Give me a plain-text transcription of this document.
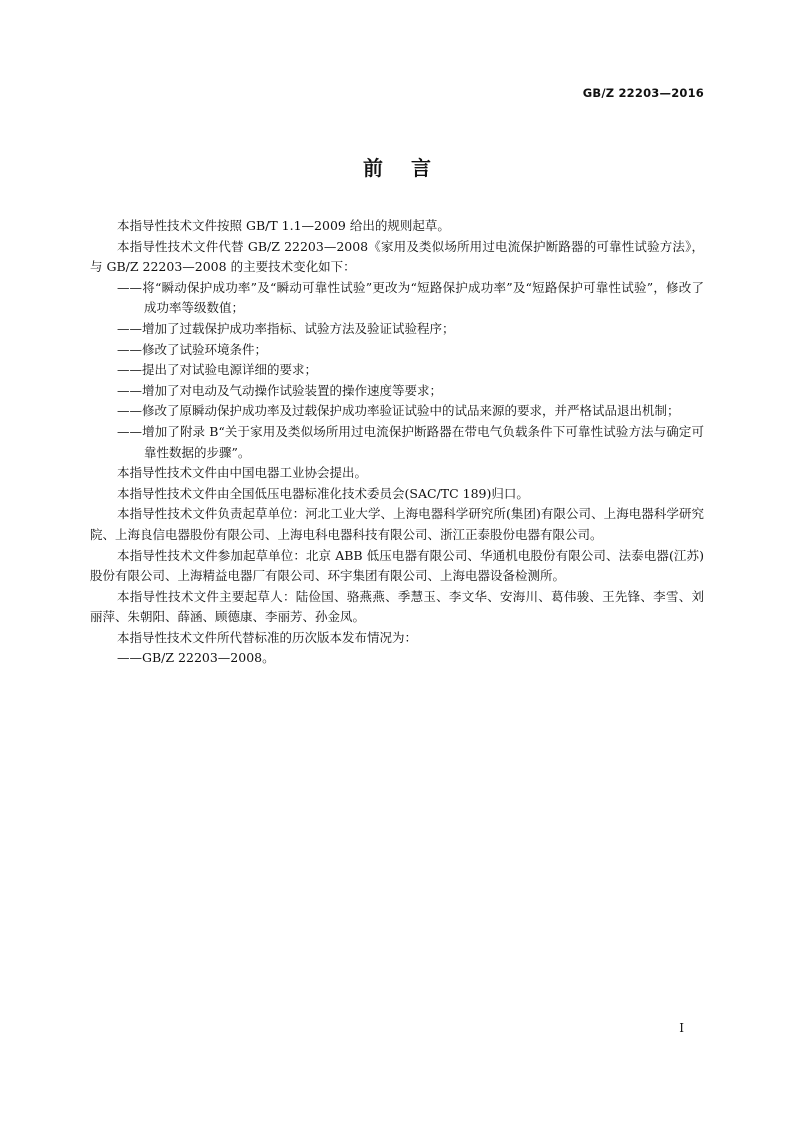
GB/Z 22203—2016
前言

本指导性技术文件按照 GB/T 1.1—2009 给出的规则起草。

本指导性技术文件代替 GB/Z 22203—2008《家用及类似场所用过电流保护断路器的可靠性试验方法》，与 GB/Z 22203—2008 的主要技术变化如下：

——将“瞬动保护成功率”及“瞬动可靠性试验”更改为“短路保护成功率”及“短路保护可靠性试验”，修改了成功率等级数值；

——增加了过载保护成功率指标、试验方法及验证试验程序；

——修改了试验环境条件；

——提出了对试验电源详细的要求；

——增加了对电动及气动操作试验装置的操作速度等要求；

——修改了原瞬动保护成功率及过载保护成功率验证试验中的试品来源的要求，并严格试品退出机制；

——增加了附录 B“关于家用及类似场所用过电流保护断路器在带电气负载条件下可靠性试验方法与确定可靠性数据的步骤”。

本指导性技术文件由中国电器工业协会提出。

本指导性技术文件由全国低压电器标准化技术委员会(SAC/TC 189)归口。

本指导性技术文件负责起草单位：河北工业大学、上海电器科学研究所(集团)有限公司、上海电器科学研究院、上海良信电器股份有限公司、上海电科电器科技有限公司、浙江正泰股份电器有限公司。

本指导性技术文件参加起草单位：北京 ABB 低压电器有限公司、华通机电股份有限公司、法泰电器(江苏)股份有限公司、上海精益电器厂有限公司、环宇集团有限公司、上海电器设备检测所。

本指导性技术文件主要起草人：陆俭国、骆燕燕、季慧玉、李文华、安海川、葛伟骏、王先锋、李雪、刘丽萍、朱朝阳、薛涵、顾德康、李丽芳、孙金凤。

本指导性技术文件所代替标准的历次版本发布情况为：

——GB/Z 22203—2008。

I
